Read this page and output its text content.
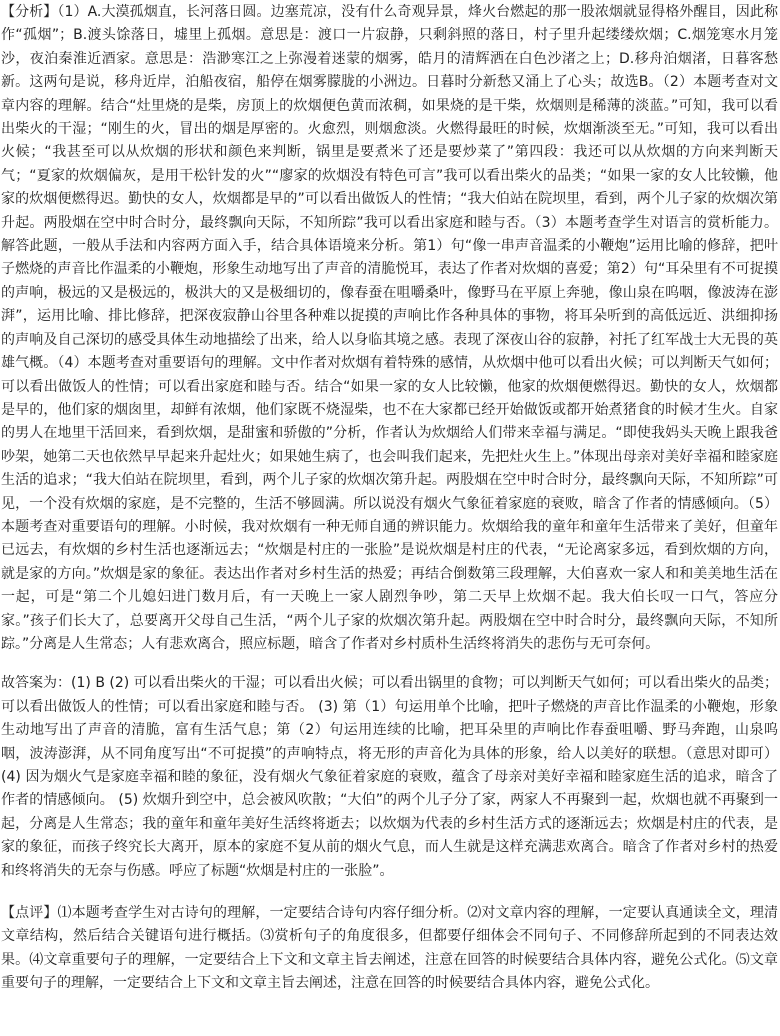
【分析】（1）A.大漠孤烟直，长河落日圆。边塞荒凉，没有什么奇观异景，烽火台燃起的那一股浓烟就显得格外醒目，因此称作“孤烟”；B.渡头馀落日，墟里上孤烟。意思是：渡口一片寂静，只剩斜照的落日，村子里升起缕缕炊烟；C.烟笼寒水月笼沙，夜泊秦淮近酒家。意思是：浩渺寒江之上弥漫着迷蒙的烟雾，皓月的清辉洒在白色沙渚之上；D.移舟泊烟渚，日暮客愁新。这两句是说，移舟近岸，泊船夜宿，船停在烟雾朦胧的小洲边。日暮时分新愁又涌上了心头；故选B。（2）本题考查对文章内容的理解。结合“灶里烧的是柴，房顶上的炊烟便色黄而浓稠，如果烧的是干柴，炊烟则是稀薄的淡蓝。”可知，我可以看出柴火的干湿；“刚生的火，冒出的烟是厚密的。火愈烈，则烟愈淡。火燃得最旺的时候，炊烟渐淡至无。”可知，我可以看出火候；“我甚至可以从炊烟的形状和颜色来判断，锅里是要煮米了还是要炒菜了”第四段：我还可以从炊烟的方向来判断天气；“夏家的炊烟偏灰，是用干松针发的火”“廖家的炊烟没有特色可言”我可以看出柴火的品类；“如果一家的女人比较懒，他家的炊烟便燃得迟。勤快的女人，炊烟都是早的”可以看出做饭人的性情；“我大伯站在院坝里，看到，两个儿子家的炊烟次第升起。两股烟在空中时合时分，最终飘向天际，不知所踪”我可以看出家庭和睦与否。（3）本题考查学生对语言的赏析能力。解答此题，一般从手法和内容两方面入手，结合具体语境来分析。第1）句“像一串声音温柔的小鞭炮”运用比喻的修辞，把叶子燃烧的声音比作温柔的小鞭炮，形象生动地写出了声音的清脆悦耳，表达了作者对炊烟的喜爱；第2）句“耳朵里有不可捉摸的声响，极远的又是极远的，极洪大的又是极细切的，像春蚕在咀嚼桑叶，像野马在平原上奔驰，像山泉在呜咽，像波涛在澎湃”，运用比喻、排比修辞，把深夜寂静山谷里各种难以捉摸的声响比作各种具体的事物，将耳朵听到的高低远近、洪细抑扬的声响及自己深切的感受具体生动地描绘了出来，给人以身临其境之感。表现了深夜山谷的寂静，衬托了红军战士大无畏的英雄气概。（4）本题考查对重要语句的理解。文中作者对炊烟有着特殊的感情，从炊烟中他可以看出火候；可以判断天气如何；可以看出做饭人的性情；可以看出家庭和睦与否。结合“如果一家的女人比较懒，他家的炊烟便燃得迟。勤快的女人，炊烟都是早的，他们家的烟囱里，却鲜有浓烟，他们家既不烧湿柴，也不在大家都已经开始做饭或都开始煮猪食的时候才生火。自家的男人在地里干活回来，看到炊烟，是甜蜜和骄傲的”分析，作者认为炊烟给人们带来幸福与满足。“即使我妈头天晚上跟我爸吵架，她第二天也依然早早起来升起灶火；如果她生病了，也会叫我们起来，先把灶火生上。”体现出母亲对美好幸福和睦家庭生活的追求；“我大伯站在院坝里，看到，两个儿子家的炊烟次第升起。两股烟在空中时合时分，最终飘向天际，不知所踪”可见，一个没有炊烟的家庭，是不完整的，生活不够圆满。所以说没有烟火气象征着家庭的衰败，暗含了作者的情感倾向。（5）本题考查对重要语句的理解。小时候，我对炊烟有一种无师自通的辨识能力。炊烟给我的童年和童年生活带来了美好，但童年已远去，有炊烟的乡村生活也逐渐远去；“炊烟是村庄的一张脸”是说炊烟是村庄的代表，“无论离家多远，看到炊烟的方向，就是家的方向。”炊烟是家的象征。表达出作者对乡村生活的热爱；再结合倒数第三段理解，大伯喜欢一家人和和美美地生活在一起，可是“第二个儿媳妇进门数月后，有一天晚上一家人剧烈争吵，第二天早上炊烟不起。我大伯长叹一口气，答应分家。”孩子们长大了，总要离开父母自己生活，“两个儿子家的炊烟次第升起。两股烟在空中时合时分，最终飘向天际，不知所踪。”分离是人生常态；人有悲欢离合，照应标题，暗含了作者对乡村质朴生活终将消失的悲伤与无可奈何。

故答案为：(1) B (2) 可以看出柴火的干湿；可以看出火候；可以看出锅里的食物；可以判断天气如何；可以看出柴火的品类；可以看出做饭人的性情；可以看出家庭和睦与否。 (3) 第（1）句运用单个比喻，把叶子燃烧的声音比作温柔的小鞭炮，形象生动地写出了声音的清脆，富有生活气息；第（2）句运用连续的比喻，把耳朵里的声响比作春蚕咀嚼、野马奔跑，山泉呜咽，波涛澎湃，从不同角度写出“不可捉摸”的声响特点，将无形的声音化为具体的形象，给人以美好的联想。（意思对即可） (4) 因为烟火气是家庭幸福和睦的象征，没有烟火气象征着家庭的衰败，蕴含了母亲对美好幸福和睦家庭生活的追求，暗含了作者的情感倾向。 (5) 炊烟升到空中，总会被风吹散；“大伯”的两个儿子分了家，两家人不再聚到一起，炊烟也就不再聚到一起，分离是人生常态；我的童年和童年美好生活终将逝去；以炊烟为代表的乡村生活方式的逐渐远去；炊烟是村庄的代表，是家的象征，而孩子终究长大离开，原本的家庭不复从前的烟火气息，而人生就是这样充满悲欢离合。暗含了作者对乡村的热爱和终将消失的无奈与伤感。呼应了标题“炊烟是村庄的一张脸”。

【点评】⑴本题考查学生对古诗句的理解，一定要结合诗句内容仔细分析。⑵对文章内容的理解，一定要认真通读全文，理清文章结构，然后结合关键语句进行概括。⑶赏析句子的角度很多，但都要仔细体会不同句子、不同修辞所起到的不同表达效果。⑷文章重要句子的理解，一定要结合上下文和文章主旨去阐述，注意在回答的时候要结合具体内容，避免公式化。⑸文章重要句子的理解，一定要结合上下文和文章主旨去阐述，注意在回答的时候要结合具体内容，避免公式化。
